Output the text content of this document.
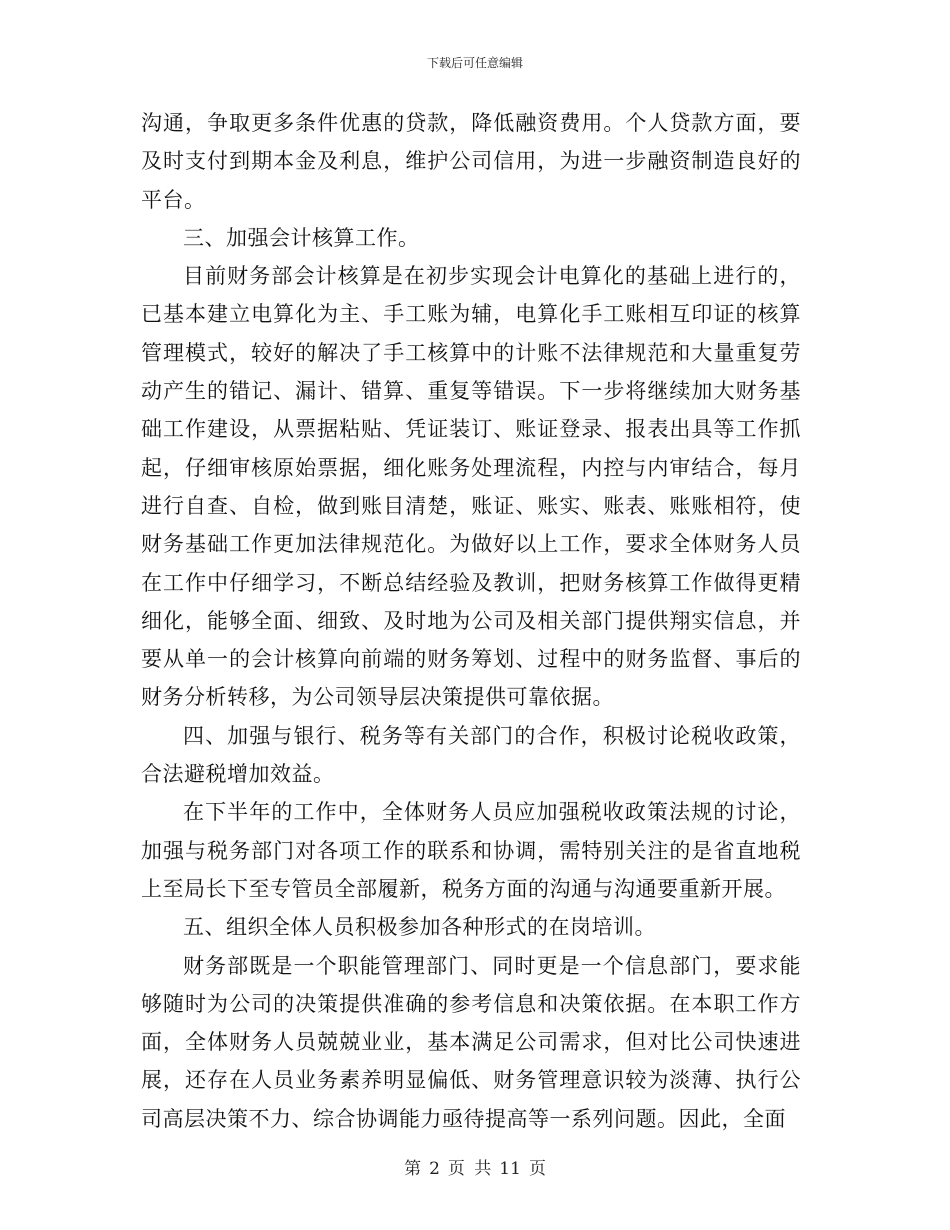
下载后可任意编辑

沟通，争取更多条件优惠的贷款，降低融资费用。个人贷款方面，要及时支付到期本金及利息，维护公司信用，为进一步融资制造良好的平台。

三、加强会计核算工作。

目前财务部会计核算是在初步实现会计电算化的基础上进行的，已基本建立电算化为主、手工账为辅，电算化手工账相互印证的核算管理模式，较好的解决了手工核算中的计账不法律规范和大量重复劳动产生的错记、漏计、错算、重复等错误。下一步将继续加大财务基础工作建设，从票据粘贴、凭证装订、账证登录、报表出具等工作抓起，仔细审核原始票据，细化账务处理流程，内控与内审结合，每月进行自查、自检，做到账目清楚，账证、账实、账表、账账相符，使财务基础工作更加法律规范化。为做好以上工作，要求全体财务人员在工作中仔细学习，不断总结经验及教训，把财务核算工作做得更精细化，能够全面、细致、及时地为公司及相关部门提供翔实信息，并要从单一的会计核算向前端的财务筹划、过程中的财务监督、事后的财务分析转移，为公司领导层决策提供可靠依据。

四、加强与银行、税务等有关部门的合作，积极讨论税收政策，合法避税增加效益。

在下半年的工作中，全体财务人员应加强税收政策法规的讨论，加强与税务部门对各项工作的联系和协调，需特别关注的是省直地税上至局长下至专管员全部履新，税务方面的沟通与沟通要重新开展。

五、组织全体人员积极参加各种形式的在岗培训。

财务部既是一个职能管理部门、同时更是一个信息部门，要求能够随时为公司的决策提供准确的参考信息和决策依据。在本职工作方面，全体财务人员兢兢业业，基本满足公司需求，但对比公司快速进展，还存在人员业务素养明显偏低、财务管理意识较为淡薄、执行公司高层决策不力、综合协调能力亟待提高等一系列问题。因此，全面

第 2 页 共 11 页
